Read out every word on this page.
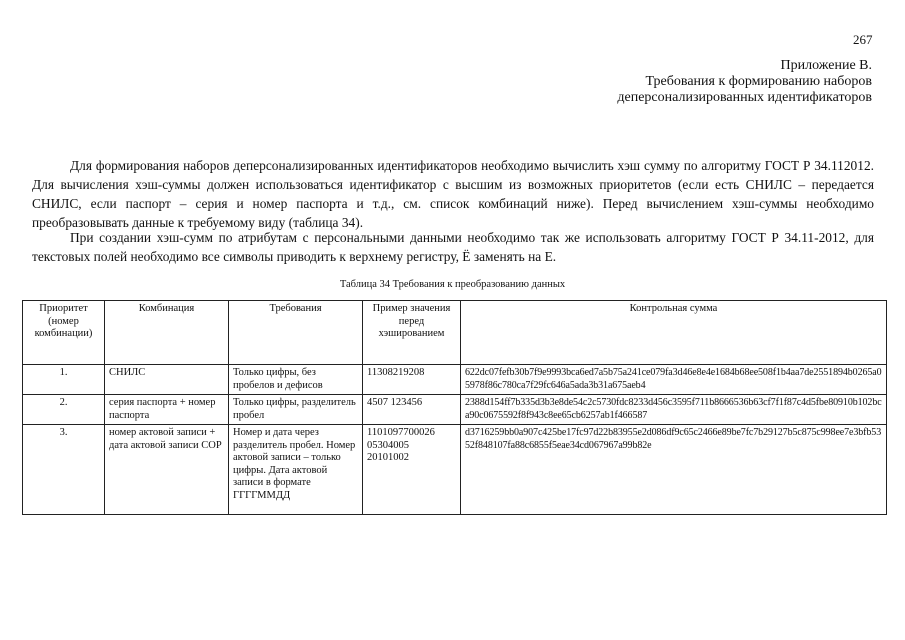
267
Приложение В.
Требования к формированию наборов
деперсонализированных идентификаторов

Для формирования наборов деперсонализированных идентификаторов необходимо вычислить хэш сумму по алгоритму ГОСТ Р 34.112012. Для вычисления хэш-суммы должен использоваться идентификатор с высшим из возможных приоритетов (если есть СНИЛС – передается СНИЛС, если паспорт – серия и номер паспорта и т.д., см. список комбинаций ниже). Перед вычислением хэш-суммы необходимо преобразовывать данные к требуемому виду (таблица 34).

При создании хэш-сумм по атрибутам с персональными данными необходимо так же использовать алгоритму ГОСТ Р 34.11-2012, для текстовых полей необходимо все символы приводить к верхнему регистру, Ё заменять на Е.

Таблица 34 Требования к преобразованию данных
Приоритет (номер комбинации)	Комбинация	Требования	Пример значения перед хэшированием	Контрольная сумма
1.	СНИЛС	Только цифры, без пробелов и дефисов	11308219208	622dc07fefb30b7f9e9993bca6ed7a5b75a241ce079fa3d46e8e4e1684b68ee508f1b4aa7de2551894b0265a05978f86c780ca7f29fc646a5ada3b31a675aeb4
2.	серия паспорта + номер паспорта	Только цифры, разделитель пробел	4507 123456	2388d154ff7b335d3b3e8de54c2c5730fdc8233d456c3595f711b8666536b63cf7f1f87c4d5fbe80910b102bca90c0675592f8f943c8ee65cb6257ab1f466587
3.	номер актовой записи + дата актовой записи СОР	Номер и дата через разделитель пробел. Номер актовой записи – только цифры. Дата актовой записи в формате ГГГГММДД	1101097700026
05304005
20101002	d3716259bb0a907c425be17fc97d22b83955e2d086df9c65c2466e89be7fc7b29127b5c875c998ee7e3bfb5352f848107fa88c6855f5eae34cd067967a99b82e
